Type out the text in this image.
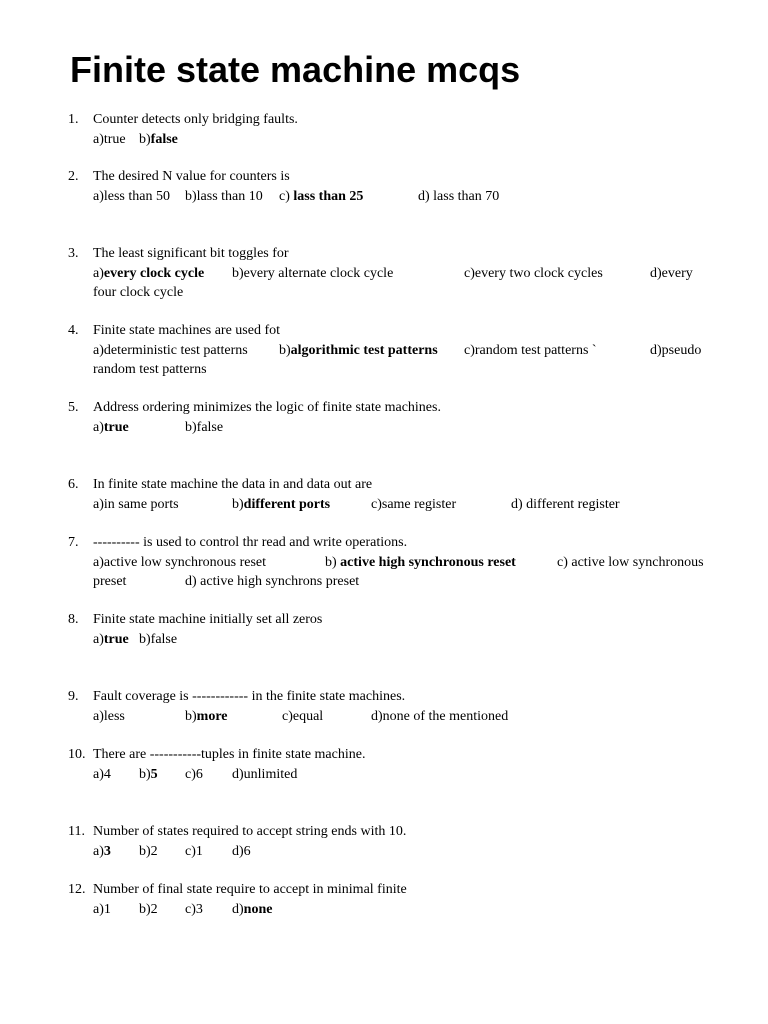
Finite state machine mcqs
1. Counter detects only bridging faults.
a)true b)false
2. The desired N value for counters is
a)less than 50 b)lass than 10 c) lass than 25	d) lass than 70
3. The least significant bit toggles for
a)every clock cycle b)every alternate clock cycle	c)every two clock cycles	d)every
four clock cycle
4. Finite state machines are used fot
a)deterministic test patterns b)algorithmic test patterns c)random test patterns `	d)pseudo
random test patterns
5. Address ordering minimizes the logic of finite state machines.
a)true	b)false
6. In finite state machine the data in and data out are
a)in same ports	b)different ports	c)same register	d) different register
7. ---------- is used to control thr read and write operations.
a)active low synchronous reset	b) active high synchronous reset	c) active low synchronous
preset	d) active high synchrons preset
8. Finite state machine initially set all zeros
a)true b)false
9. Fault coverage is ------------ in the finite state machines.
a)less	b)more	c)equal	d)none of the mentioned
10. There are -----------tuples in finite state machine.
a)4 b)5 c)6 d)unlimited
11. Number of states required to accept string ends with 10.
a)3 b)2 c)1 d)6
12. Number of final state require to accept in minimal finite
a)1 b)2 c)3 d)none
